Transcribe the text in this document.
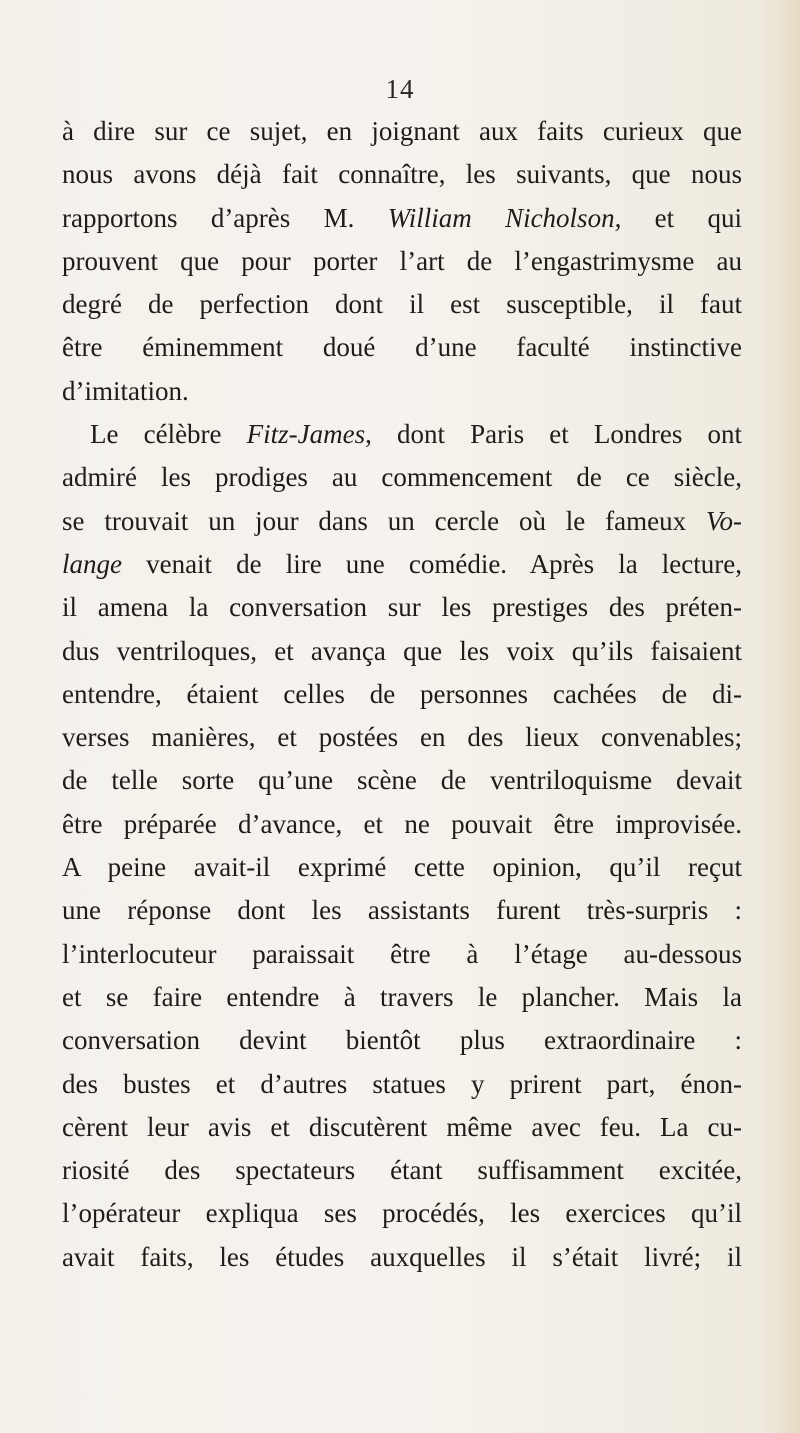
14
à dire sur ce sujet, en joignant aux faits curieux que
nous avons déjà fait connaître, les suivants, que nous
rapportons d’après M. William Nicholson, et qui
prouvent que pour porter l’art de l’engastrimysme au
degré de perfection dont il est susceptible, il faut
être éminemment doué d’une faculté instinctive
d’imitation.
Le célèbre Fitz-James, dont Paris et Londres ont
admiré les prodiges au commencement de ce siècle,
se trouvait un jour dans un cercle où le fameux Vo-
lange venait de lire une comédie. Après la lecture,
il amena la conversation sur les prestiges des préten-
dus ventriloques, et avança que les voix qu’ils faisaient
entendre, étaient celles de personnes cachées de di-
verses manières, et postées en des lieux convenables;
de telle sorte qu’une scène de ventriloquisme devait
être préparée d’avance, et ne pouvait être improvisée.
A peine avait-il exprimé cette opinion, qu’il reçut
une réponse dont les assistants furent très-surpris :
l’interlocuteur paraissait être à l’étage au-dessous
et se faire entendre à travers le plancher. Mais la
conversation devint bientôt plus extraordinaire :
des bustes et d’autres statues y prirent part, énon-
cèrent leur avis et discutèrent même avec feu. La cu-
riosité des spectateurs étant suffisamment excitée,
l’opérateur expliqua ses procédés, les exercices qu’il
avait faits, les études auxquelles il s’était livré; il
